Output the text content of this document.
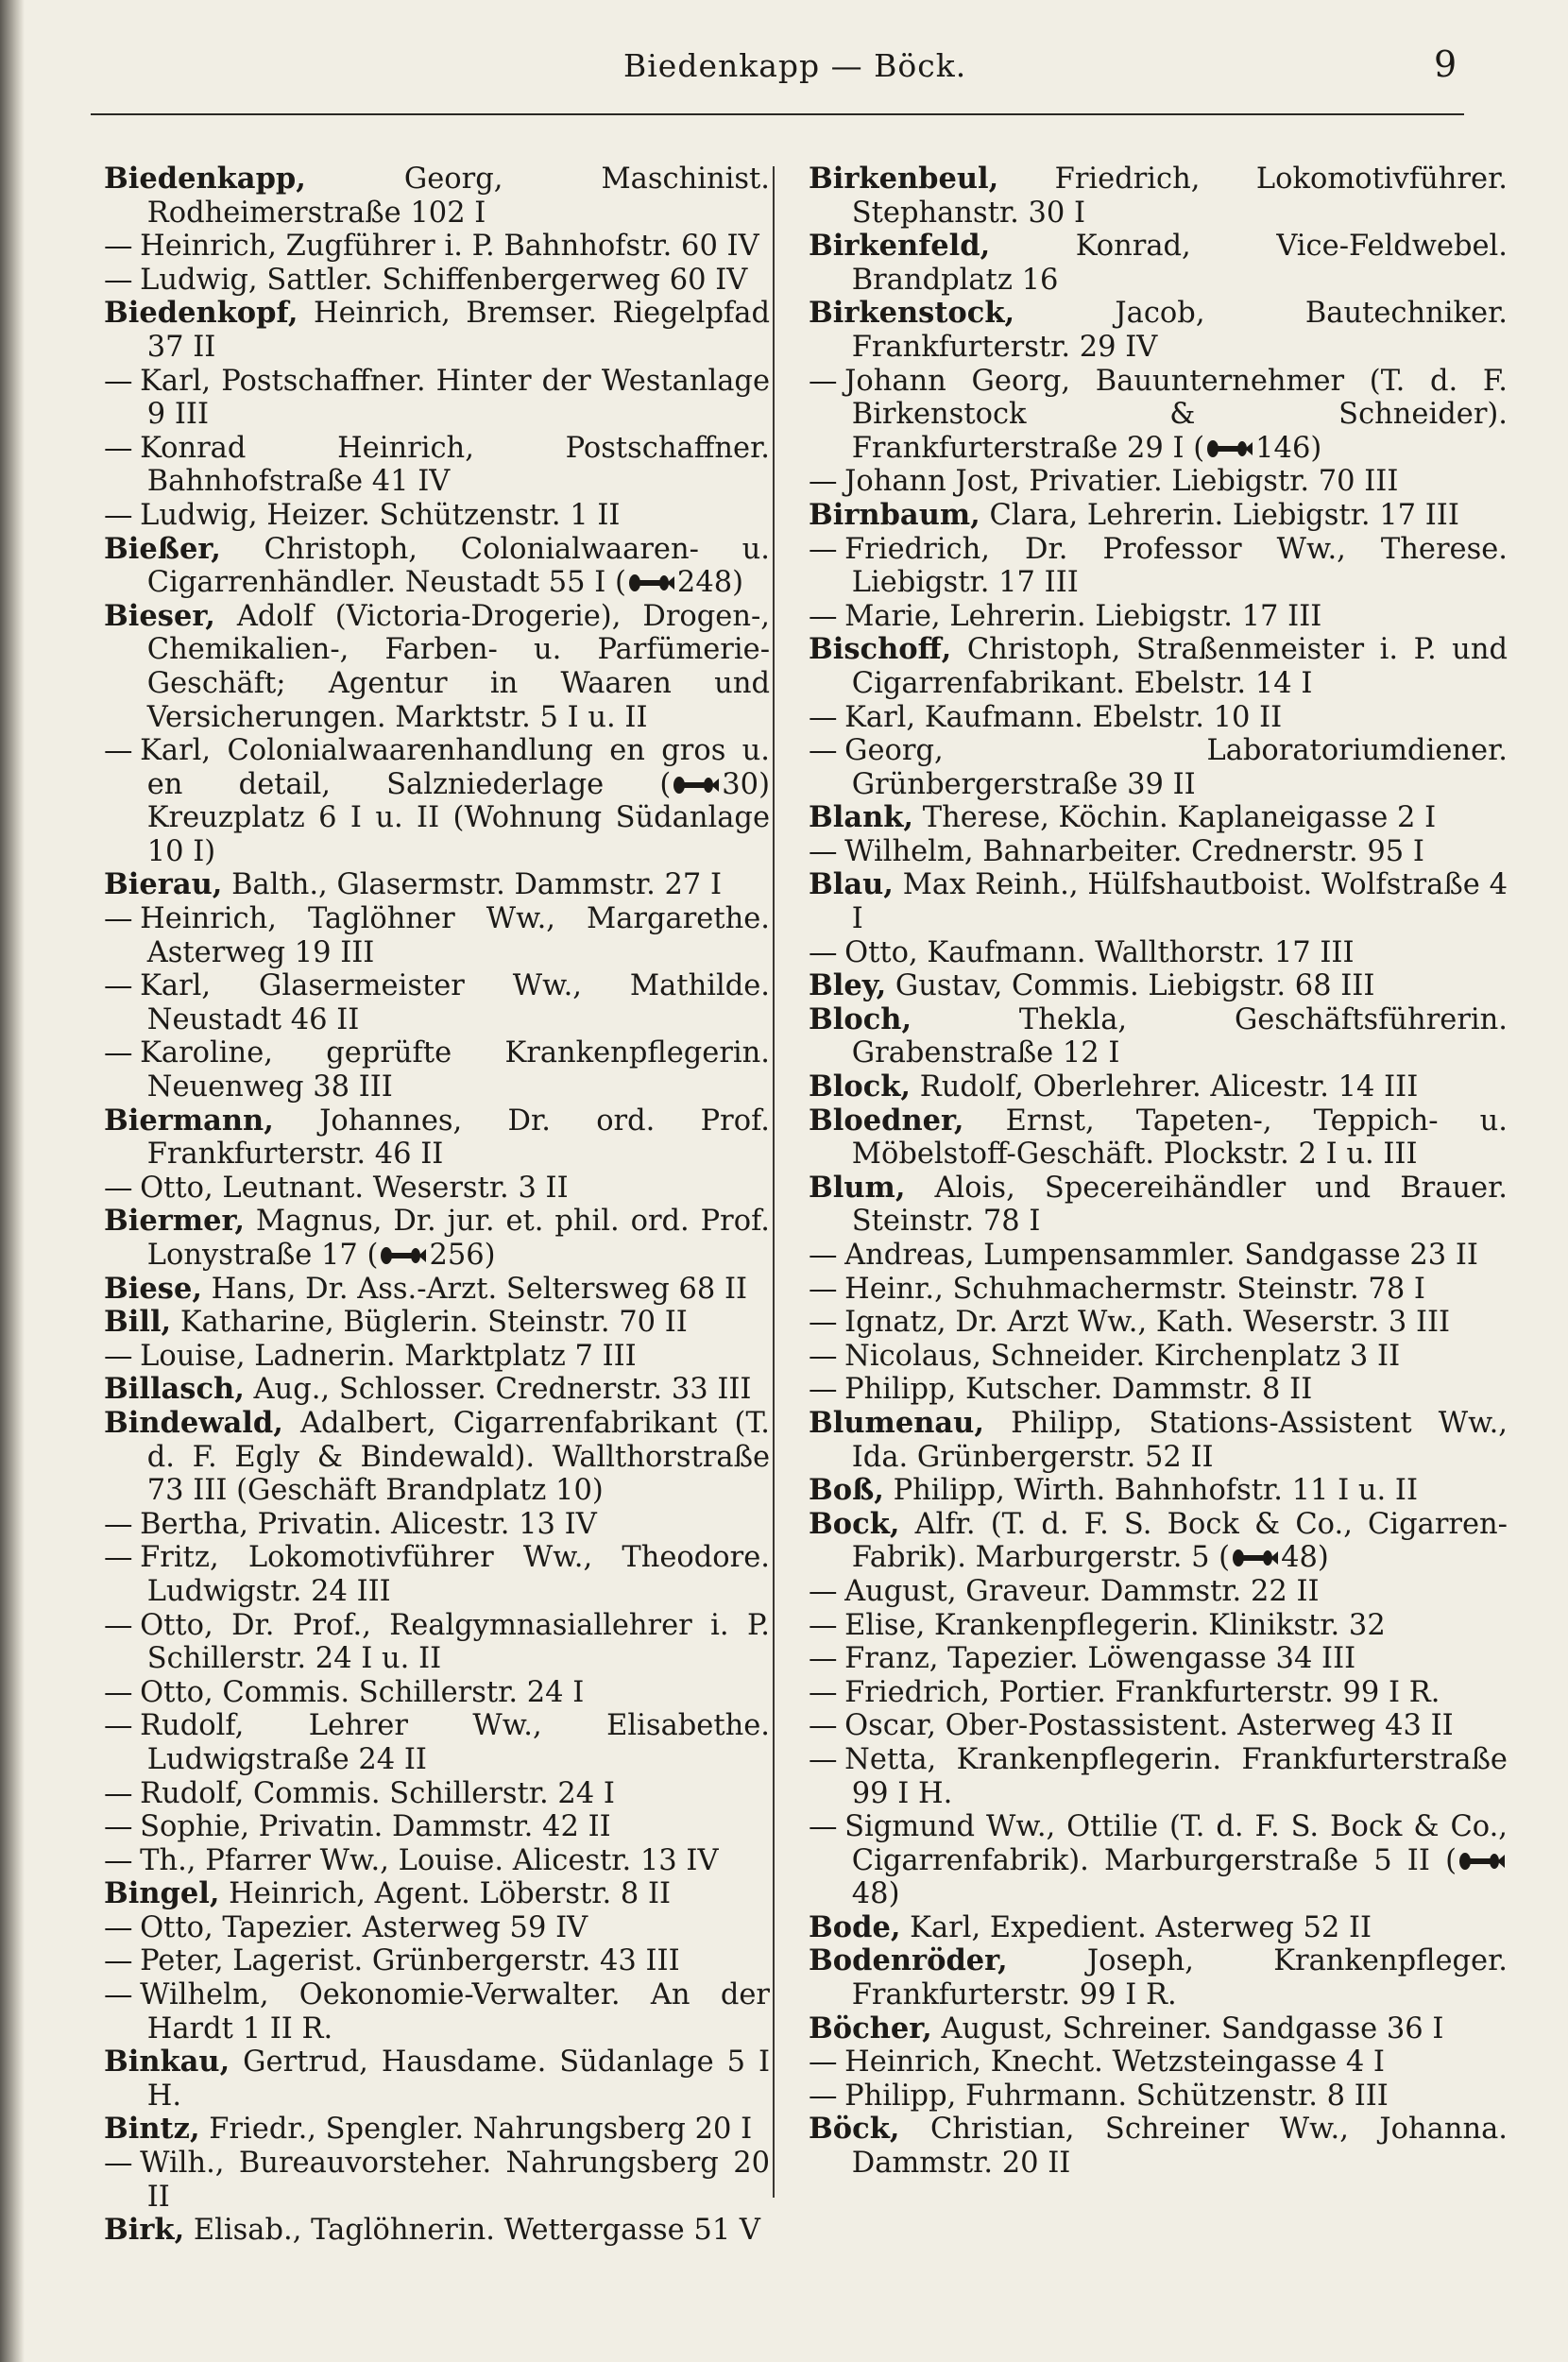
Biedenkapp — Böck.	9

Biedenkapp, Georg, Maschinist. Rodheimerstraße 102 I

— Heinrich, Zugführer i. P. Bahnhofstr. 60 IV

— Ludwig, Sattler. Schiffenbergerweg 60 IV

Biedenkopf, Heinrich, Bremser. Riegelpfad 37 II

— Karl, Postschaffner. Hinter der Westanlage 9 III

— Konrad Heinrich, Postschaffner. Bahnhofstraße 41 IV

— Ludwig, Heizer. Schützenstr. 1 II

Bießer, Christoph, Colonialwaaren- u. Cigarrenhändler. Neustadt 55 I ( 248)

Bieser, Adolf (Victoria-Drogerie), Drogen-, Chemikalien-, Farben- u. Parfümerie-Geschäft; Agentur in Waaren und Versicherungen. Marktstr. 5 I u. II

— Karl, Colonialwaarenhandlung en gros u. en detail, Salzniederlage ( 30) Kreuzplatz 6 I u. II (Wohnung Südanlage 10 I)

Bierau, Balth., Glasermstr. Dammstr. 27 I

— Heinrich, Taglöhner Ww., Margarethe. Asterweg 19 III

— Karl, Glasermeister Ww., Mathilde. Neustadt 46 II

— Karoline, geprüfte Krankenpflegerin. Neuenweg 38 III

Biermann, Johannes, Dr. ord. Prof. Frankfurterstr. 46 II

— Otto, Leutnant. Weserstr. 3 II

Biermer, Magnus, Dr. jur. et. phil. ord. Prof. Lonystraße 17 ( 256)

Biese, Hans, Dr. Ass.-Arzt. Seltersweg 68 II

Bill, Katharine, Büglerin. Steinstr. 70 II

— Louise, Ladnerin. Marktplatz 7 III

Billasch, Aug., Schlosser. Crednerstr. 33 III

Bindewald, Adalbert, Cigarrenfabrikant (T. d. F. Egly & Bindewald). Wallthorstraße 73 III (Geschäft Brandplatz 10)

— Bertha, Privatin. Alicestr. 13 IV

— Fritz, Lokomotivführer Ww., Theodore. Ludwigstr. 24 III

— Otto, Dr. Prof., Realgymnasiallehrer i. P. Schillerstr. 24 I u. II

— Otto, Commis. Schillerstr. 24 I

— Rudolf, Lehrer Ww., Elisabethe. Ludwigstraße 24 II

— Rudolf, Commis. Schillerstr. 24 I

— Sophie, Privatin. Dammstr. 42 II

— Th., Pfarrer Ww., Louise. Alicestr. 13 IV

Bingel, Heinrich, Agent. Löberstr. 8 II

— Otto, Tapezier. Asterweg 59 IV

— Peter, Lagerist. Grünbergerstr. 43 III

— Wilhelm, Oekonomie-Verwalter. An der Hardt 1 II R.

Binkau, Gertrud, Hausdame. Südanlage 5 I H.

Bintz, Friedr., Spengler. Nahrungsberg 20 I

— Wilh., Bureauvorsteher. Nahrungsberg 20 II

Birk, Elisab., Taglöhnerin. Wettergasse 51 V

Birkenbeul, Friedrich, Lokomotivführer. Stephanstr. 30 I

Birkenfeld, Konrad, Vice-Feldwebel. Brandplatz 16

Birkenstock, Jacob, Bautechniker. Frankfurterstr. 29 IV

— Johann Georg, Bauunternehmer (T. d. F. Birkenstock & Schneider). Frankfurterstraße 29 I ( 146)

— Johann Jost, Privatier. Liebigstr. 70 III

Birnbaum, Clara, Lehrerin. Liebigstr. 17 III

— Friedrich, Dr. Professor Ww., Therese. Liebigstr. 17 III

— Marie, Lehrerin. Liebigstr. 17 III

Bischoff, Christoph, Straßenmeister i. P. und Cigarrenfabrikant. Ebelstr. 14 I

— Karl, Kaufmann. Ebelstr. 10 II

— Georg, Laboratoriumdiener. Grünbergerstraße 39 II

Blank, Therese, Köchin. Kaplaneigasse 2 I

— Wilhelm, Bahnarbeiter. Crednerstr. 95 I

Blau, Max Reinh., Hülfshautboist. Wolfstraße 4 I

— Otto, Kaufmann. Wallthorstr. 17 III

Bley, Gustav, Commis. Liebigstr. 68 III

Bloch, Thekla, Geschäftsführerin. Grabenstraße 12 I

Block, Rudolf, Oberlehrer. Alicestr. 14 III

Bloedner, Ernst, Tapeten-, Teppich- u. Möbelstoff-Geschäft. Plockstr. 2 I u. III

Blum, Alois, Specereihändler und Brauer. Steinstr. 78 I

— Andreas, Lumpensammler. Sandgasse 23 II

— Heinr., Schuhmachermstr. Steinstr. 78 I

— Ignatz, Dr. Arzt Ww., Kath. Weserstr. 3 III

— Nicolaus, Schneider. Kirchenplatz 3 II

— Philipp, Kutscher. Dammstr. 8 II

Blumenau, Philipp, Stations-Assistent Ww., Ida. Grünbergerstr. 52 II

Boß, Philipp, Wirth. Bahnhofstr. 11 I u. II

Bock, Alfr. (T. d. F. S. Bock & Co., Cigarren-Fabrik). Marburgerstr. 5 ( 48)

— August, Graveur. Dammstr. 22 II

— Elise, Krankenpflegerin. Klinikstr. 32

— Franz, Tapezier. Löwengasse 34 III

— Friedrich, Portier. Frankfurterstr. 99 I R.

— Oscar, Ober-Postassistent. Asterweg 43 II

— Netta, Krankenpflegerin. Frankfurterstraße 99 I H.

— Sigmund Ww., Ottilie (T. d. F. S. Bock & Co., Cigarrenfabrik). Marburgerstraße 5 II (48)

Bode, Karl, Expedient. Asterweg 52 II

Bodenröder, Joseph, Krankenpfleger. Frankfurterstr. 99 I R.

Böcher, August, Schreiner. Sandgasse 36 I

— Heinrich, Knecht. Wetzsteingasse 4 I

— Philipp, Fuhrmann. Schützenstr. 8 III

Böck, Christian, Schreiner Ww., Johanna. Dammstr. 20 II
